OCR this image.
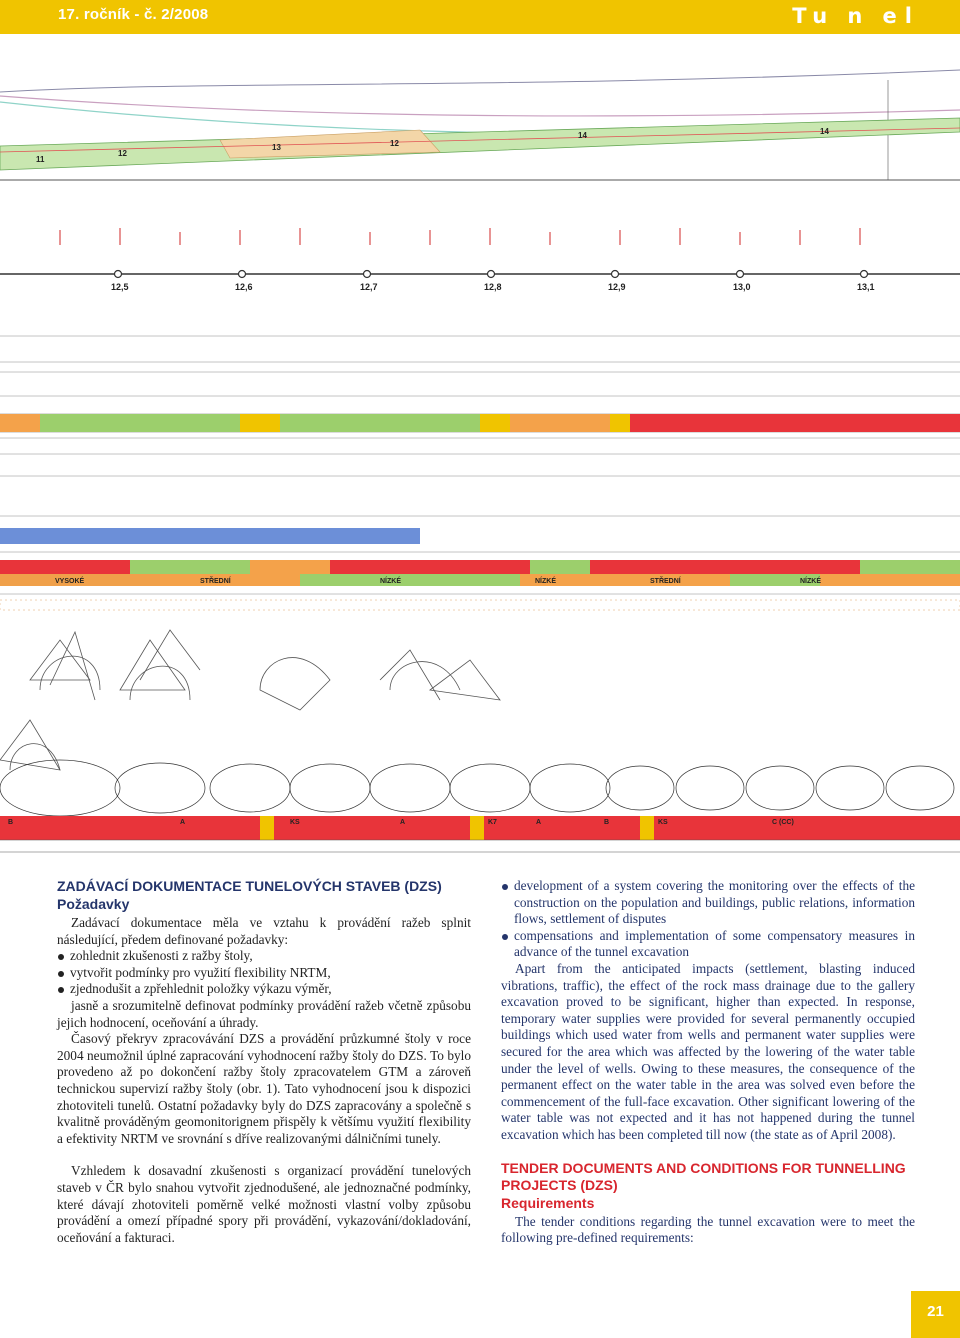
17. ročník - č. 2/2008	Tu n el
11
12
13	12
14	14
12,5	12,6	12,7	12,8	12,9	13,0	13,1
VYSOKÉ	STŘEDNÍ	NÍZKÉ	NÍZKÉ	STŘEDNÍ	NÍZKÉ
B	A	KS	A	K7	A	B	KS	C (CC)
ZADÁVACÍ DOKUMENTACE TUNELOVÝCH STAVEB (DZS)
Požadavky

Zadávací dokumentace měla ve vztahu k provádění ražeb splnit následující, předem definované požadavky:

zohlednit zkušenosti z ražby štoly,
vytvořit podmínky pro využití flexibility NRTM,
zjednodušit a zpřehlednit položky výkazu výměr,

jasně a srozumitelně definovat podmínky provádění ražeb včetně způsobu jejich hodnocení, oceňování a úhrady.

Časový překryv zpracovávání DZS a provádění průzkumné štoly v roce 2004 neumožnil úplné zapracování vyhodnocení ražby štoly do DZS. To bylo provedeno až po dokončení ražby štoly zpracovatelem GTM a zároveň technickou supervizí ražby štoly (obr. 1). Tato vyhodnocení jsou k dispozici zhotoviteli tunelů. Ostatní požadavky byly do DZS zapracovány a společně s kvalitně prováděným geomonitorignem přispěly k většímu využití flexibility a efektivity NRTM ve srovnání s dříve realizovanými dálničními tunely.

Vzhledem k dosavadní zkušenosti s organizací provádění tunelových staveb v ČR bylo snahou vytvořit zjednodušené, ale jednoznačné podmínky, které dávají zhotoviteli poměrně velké možnosti vlastní volby způsobu provádění a omezí případné spory při provádění, vykazování/dokladování, oceňování a fakturaci.

development of a system covering the monitoring over the effects of the construction on the population and buildings, public relations, information flows, settlement of disputes
compensations and implementation of some compensatory measures in advance of the tunnel excavation

Apart from the anticipated impacts (settlement, blasting induced vibrations, traffic), the effect of the rock mass drainage due to the gallery excavation proved to be significant, higher than expected. In response, temporary water supplies were provided for several permanently occupied buildings which used water from wells and permanent water supplies were secured for the area which was affected by the lowering of the water table under the level of wells. Owing to these measures, the consequence of the permanent effect on the water table in the area was solved even before the commencement of the full-face excavation. Other significant lowering of the water table was not expected and it has not happened during the tunnel excavation which has been completed till now (the state as of April 2008).

TENDER DOCUMENTS AND CONDITIONS FOR TUNNELLING PROJECTS (DZS)
Requirements

The tender conditions regarding the tunnel excavation were to meet the following pre-defined requirements:

21
